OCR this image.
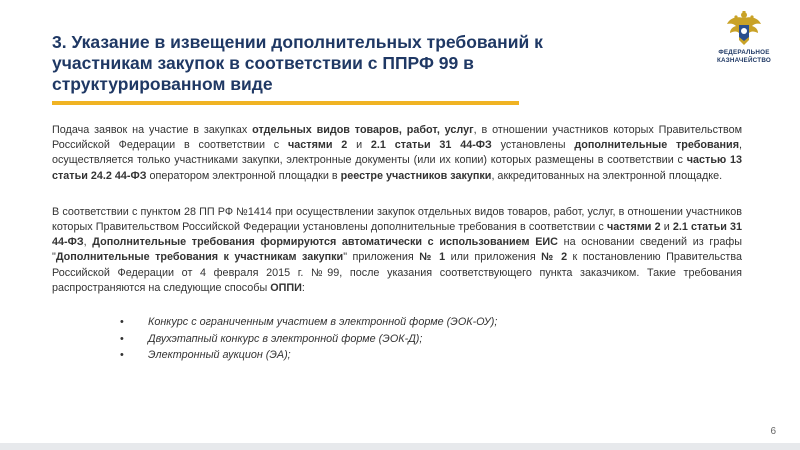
3. Указание в извещении дополнительных требований к участникам закупок в соответствии с ППРФ 99 в структурированном виде
ФЕДЕРАЛЬНОЕ
КАЗНАЧЕЙСТВО

Подача заявок на участие в закупках отдельных видов товаров, работ, услуг, в отношении участников которых Правительством Российской Федерации в соответствии с частями 2 и 2.1 статьи 31 44-ФЗ установлены дополнительные требования, осуществляется только участниками закупки, электронные документы (или их копии) которых размещены в соответствии с частью 13 статьи 24.2 44-ФЗ оператором электронной площадки в реестре участников закупки, аккредитованных на электронной площадке.

В соответствии с пунктом 28 ПП РФ №1414 при осуществлении закупок отдельных видов товаров, работ, услуг, в отношении участников которых Правительством Российской Федерации установлены дополнительные требования в соответствии с частями 2 и 2.1 статьи 31 44-ФЗ, Дополнительные требования формируются автоматически с использованием ЕИС на основании сведений из графы "Дополнительные требования к участникам закупки" приложения № 1 или приложения № 2 к постановлению Правительства Российской Федерации от 4 февраля 2015 г. №99, после указания соответствующего пункта заказчиком. Такие требования распространяются на следующие способы ОППИ:

• Конкурс с ограниченным участием в электронной форме (ЭОК-ОУ);
• Двухэтапный конкурс в электронной форме (ЭОК-Д);
• Электронный аукцион (ЭА);
6
